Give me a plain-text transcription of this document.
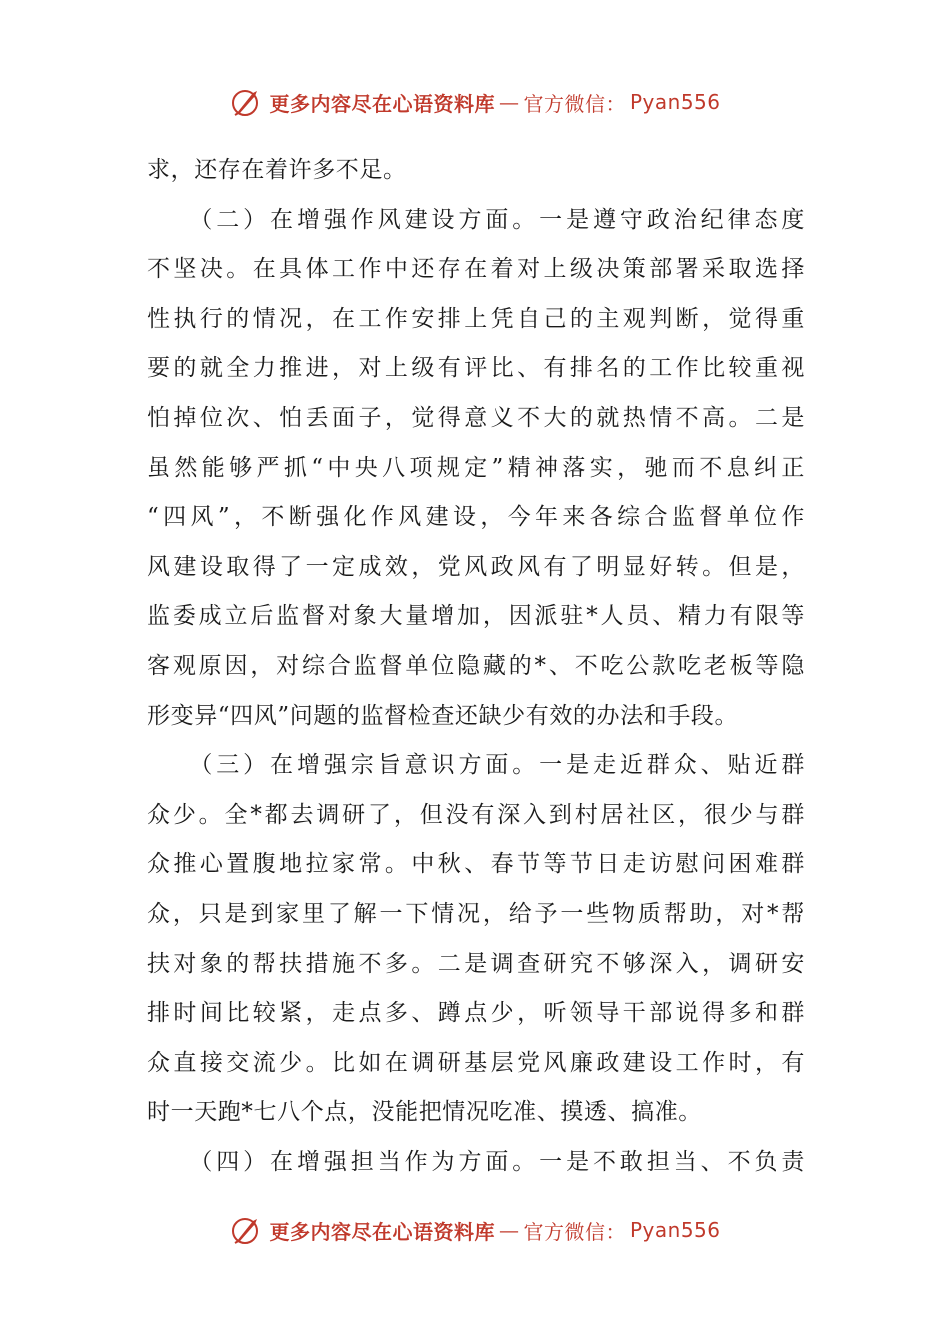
更多内容尽在心语资料库 — 官方微信： Pyan556
求，还存在着许多不足。
　　（二）在增强作风建设方面。一是遵守政治纪律态度
不坚决。在具体工作中还存在着对上级决策部署采取选择
性执行的情况，在工作安排上凭自己的主观判断，觉得重
要的就全力推进，对上级有评比、有排名的工作比较重视
怕掉位次、怕丢面子，觉得意义不大的就热情不高。二是
虽然能够严抓“中央八项规定”精神落实，驰而不息纠正
“四风”，不断强化作风建设，今年来各综合监督单位作
风建设取得了一定成效，党风政风有了明显好转。但是，
监委成立后监督对象大量增加，因派驻*人员、精力有限等
客观原因，对综合监督单位隐藏的*、不吃公款吃老板等隐
形变异“四风”问题的监督检查还缺少有效的办法和手段。
　　（三）在增强宗旨意识方面。一是走近群众、贴近群
众少。全*都去调研了，但没有深入到村居社区，很少与群
众推心置腹地拉家常。中秋、春节等节日走访慰问困难群
众，只是到家里了解一下情况，给予一些物质帮助，对*帮
扶对象的帮扶措施不多。二是调查研究不够深入，调研安
排时间比较紧，走点多、蹲点少，听领导干部说得多和群
众直接交流少。比如在调研基层党风廉政建设工作时，有
时一天跑*七八个点，没能把情况吃准、摸透、搞准。
　　（四）在增强担当作为方面。一是不敢担当、不负责
更多内容尽在心语资料库 — 官方微信： Pyan556
